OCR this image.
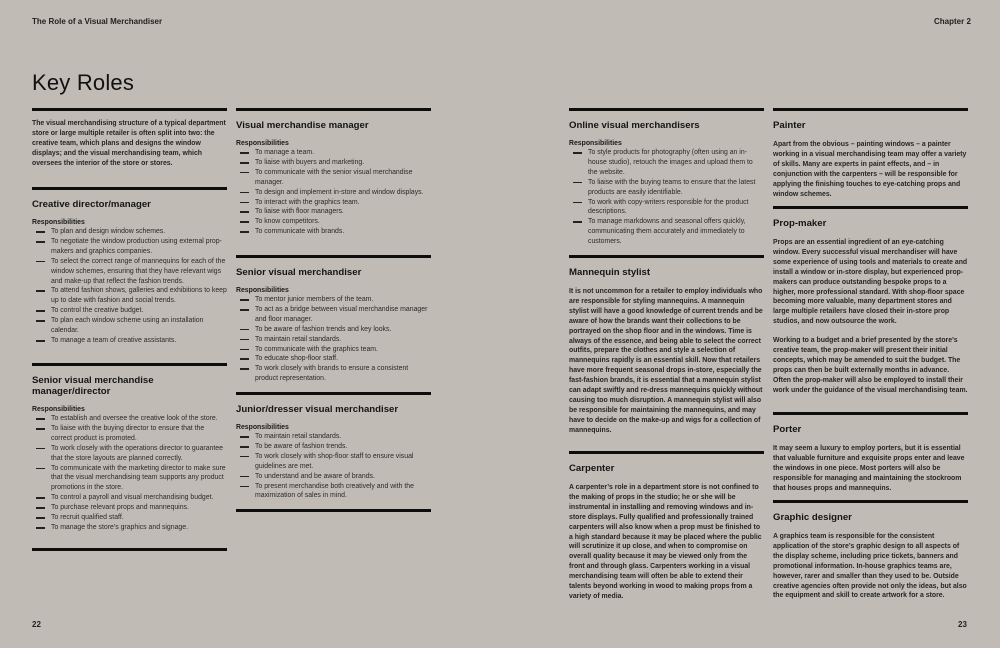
The Role of a Visual Merchandiser	Chapter 2
22	23
Key Roles

The visual merchandising structure of a typical department store or large multiple retailer is often split into two: the creative team, which plans and designs the window displays; and the visual merchandising team, which oversees the interior of the store or stores.

Creative director/manager
Responsibilities
To plan and design window schemes.
To negotiate the window production using external prop-makers and graphics companies.
To select the correct range of mannequins for each of the window schemes, ensuring that they have relevant wigs and make-up that reflect the fashion trends.
To attend fashion shows, galleries and exhibitions to keep up to date with fashion and social trends.
To control the creative budget.
To plan each window scheme using an installation calendar.
To manage a team of creative assistants.
Senior visual merchandise manager/director
Responsibilities
To establish and oversee the creative look of the store.
To liaise with the buying director to ensure that the correct product is promoted.
To work closely with the operations director to guarantee that the store layouts are planned correctly.
To communicate with the marketing director to make sure that the visual merchandising team supports any product promotions in the store.
To control a payroll and visual merchandising budget.
To purchase relevant props and mannequins.
To recruit qualified staff.
To manage the store’s graphics and signage.
Visual merchandise manager
Responsibilities
To manage a team.
To liaise with buyers and marketing.
To communicate with the senior visual merchandise manager.
To design and implement in-store and window displays.
To interact with the graphics team.
To liaise with floor managers.
To know competitors.
To communicate with brands.
Senior visual merchandiser
Responsibilities
To mentor junior members of the team.
To act as a bridge between visual merchandise manager and floor manager.
To be aware of fashion trends and key looks.
To maintain retail standards.
To communicate with the graphics team.
To educate shop-floor staff.
To work closely with brands to ensure a consistent product representation.
Junior/dresser visual merchandiser
Responsibilities
To maintain retail standards.
To be aware of fashion trends.
To work closely with shop-floor staff to ensure visual guidelines are met.
To understand and be aware of brands.
To present merchandise both creatively and with the maximization of sales in mind.
Online visual merchandisers
Responsibilities
To style products for photography (often using an in-house studio), retouch the images and upload them to the website.
To liaise with the buying teams to ensure that the latest products are easily identifiable.
To work with copy-writers responsible for the product descriptions.
To manage markdowns and seasonal offers quickly, communicating them accurately and immediately to customers.
Mannequin stylist

It is not uncommon for a retailer to employ individuals who are responsible for styling mannequins. A mannequin stylist will have a good knowledge of current trends and be aware of how the brands want their collections to be portrayed on the shop floor and in the windows. Time is always of the essence, and being able to select the correct outfits, prepare the clothes and style a selection of mannequins rapidly is an essential skill. Now that retailers have more frequent seasonal drops in-store, especially the fast-fashion brands, it is essential that a mannequin stylist can adapt swiftly and re-dress mannequins quickly without causing too much disruption. A mannequin stylist will also be responsible for maintaining the mannequins, and may have to decide on the make-up and wigs for a collection of mannequins.

Carpenter

A carpenter’s role in a department store is not confined to the making of props in the studio; he or she will be instrumental in installing and removing windows and in-store displays. Fully qualified and professionally trained carpenters will also know when a prop must be finished to a high standard because it may be placed where the public will scrutinize it up close, and when to compromise on overall quality because it may be viewed only from the front and through glass. Carpenters working in a visual merchandising team will often be able to extend their talents beyond working in wood to making props from a variety of media.

Painter

Apart from the obvious – painting windows – a painter working in a visual merchandising team may offer a variety of skills. Many are experts in paint effects, and – in conjunction with the carpenters – will be responsible for applying the finishing touches to eye-catching props and window schemes.

Prop-maker

Props are an essential ingredient of an eye-catching window. Every successful visual merchandiser will have some experience of using tools and materials to create and install a window or in-store display, but experienced prop-makers can produce outstanding bespoke props to a higher, more professional standard. With shop-floor space becoming more valuable, many department stores and large multiple retailers have closed their in-store prop studios, and now outsource the work.

Working to a budget and a brief presented by the store’s creative team, the prop-maker will present their initial concepts, which may be amended to suit the budget. The props can then be built externally months in advance. Often the prop-maker will also be employed to install their work under the guidance of the visual merchandising team.

Porter

It may seem a luxury to employ porters, but it is essential that valuable furniture and exquisite props enter and leave the windows in one piece. Most porters will also be responsible for managing and maintaining the stockroom that houses props and mannequins.

Graphic designer

A graphics team is responsible for the consistent application of the store’s graphic design to all aspects of the display scheme, including price tickets, banners and promotional information. In-house graphics teams are, however, rarer and smaller than they used to be. Outside creative agencies often provide not only the ideas, but also the equipment and skill to create artwork for a store.
